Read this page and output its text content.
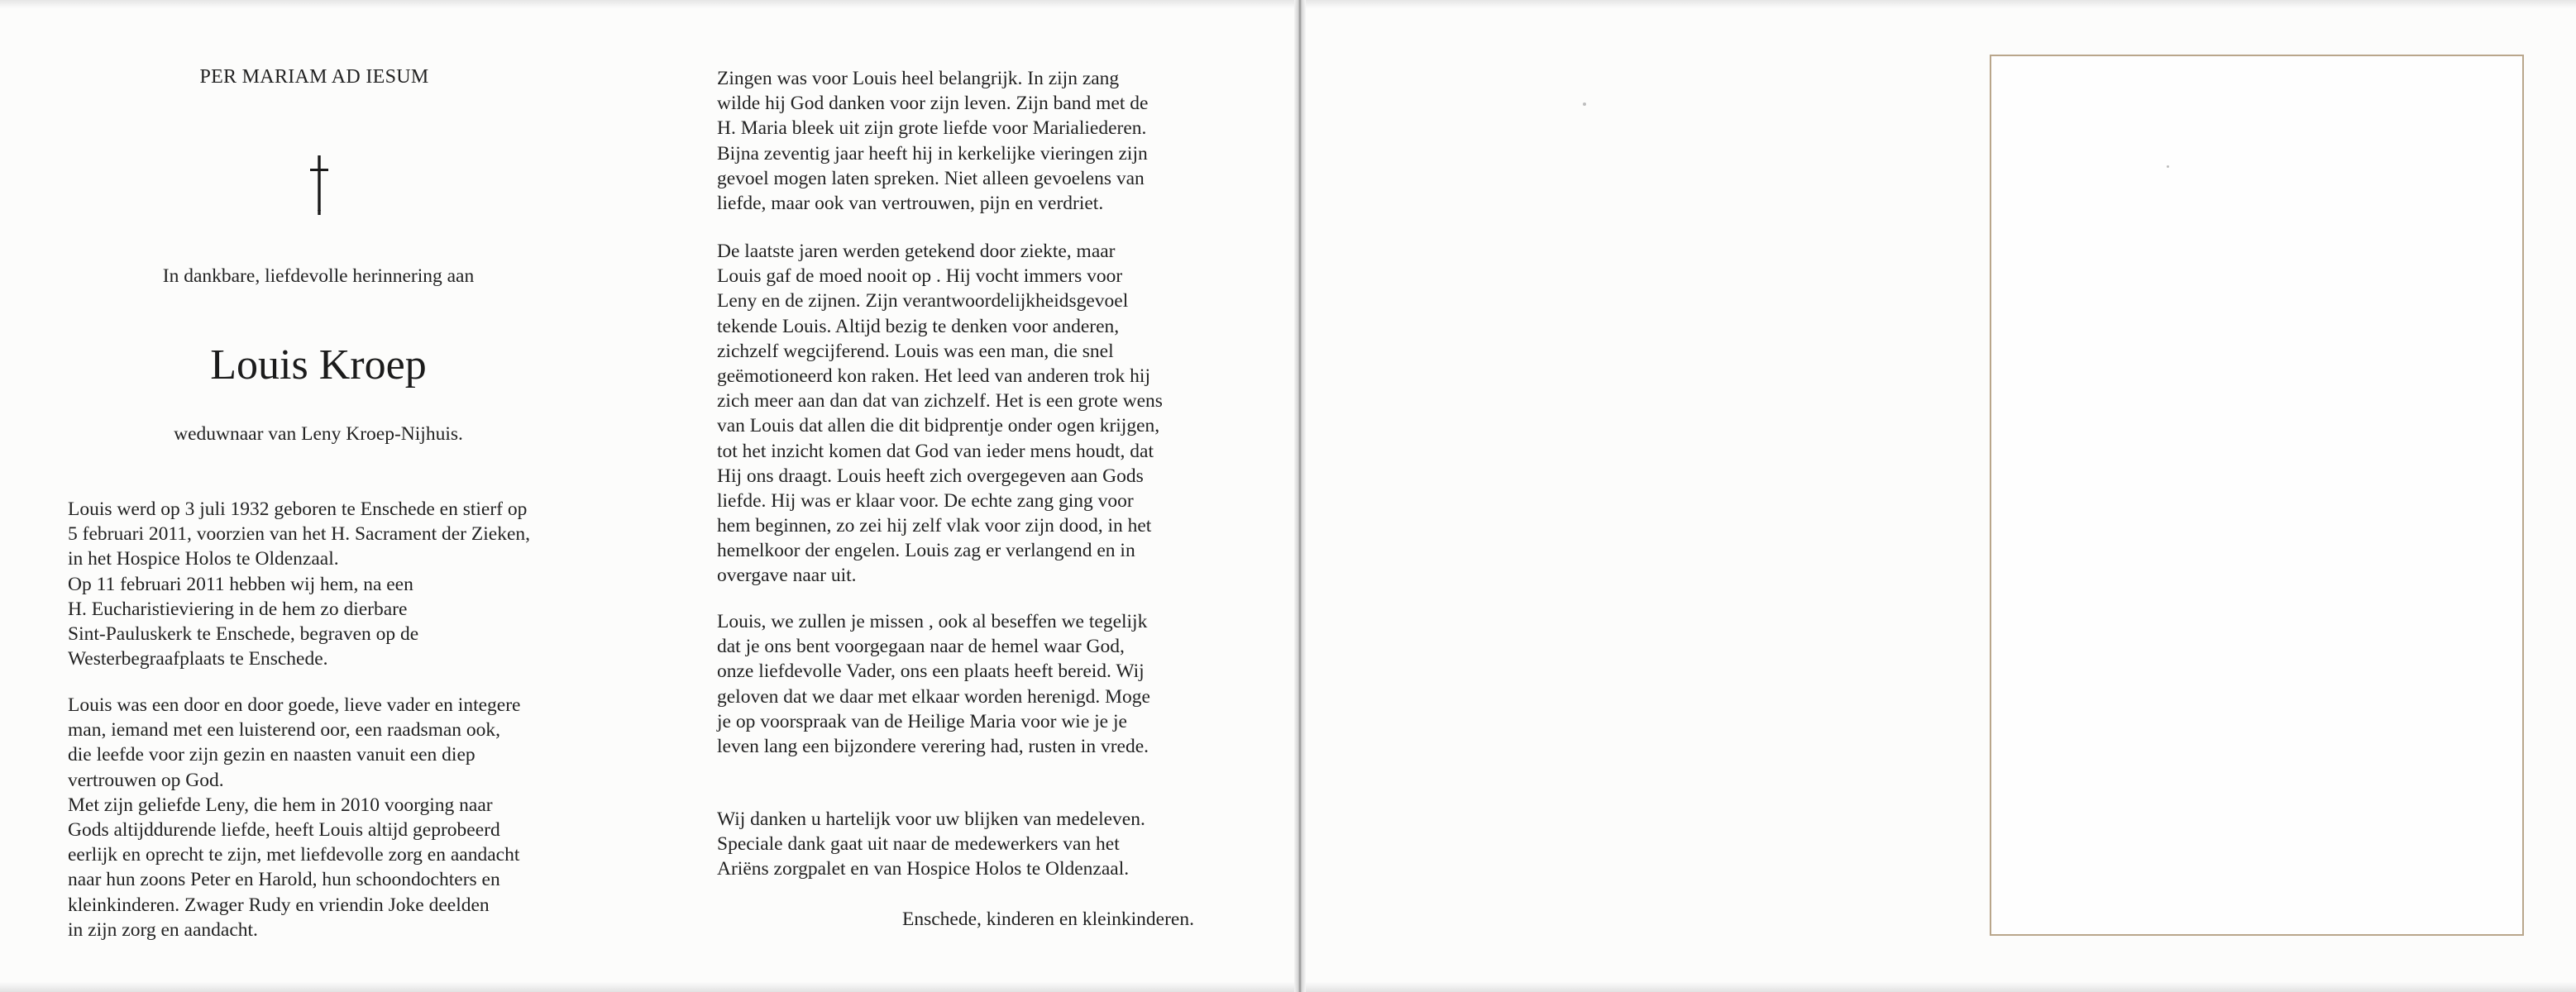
PER MARIAM AD IESUM
In dankbare, liefdevolle herinnering aan
Louis Kroep
weduwnaar van Leny Kroep-Nijhuis.
Louis werd op 3 juli 1932 geboren te Enschede en stierf op
5 februari 2011, voorzien van het H. Sacrament der Zieken,
in het Hospice Holos te Oldenzaal.
Op 11 februari 2011 hebben wij hem, na een
H. Eucharistieviering in de hem zo dierbare
Sint-Pauluskerk te Enschede, begraven op de
Westerbegraafplaats te Enschede.
Louis was een door en door goede, lieve vader en integere
man, iemand met een luisterend oor, een raadsman ook,
die leefde voor zijn gezin en naasten vanuit een diep
vertrouwen op God.
Met zijn geliefde Leny, die hem in 2010 voorging naar
Gods altijddurende liefde, heeft Louis altijd geprobeerd
eerlijk en oprecht te zijn, met liefdevolle zorg en aandacht
naar hun zoons Peter en Harold, hun schoondochters en
kleinkinderen. Zwager Rudy en vriendin Joke deelden
in zijn zorg en aandacht.
Zingen was voor Louis heel belangrijk. In zijn zang
wilde hij God danken voor zijn leven. Zijn band met de
H. Maria bleek uit zijn grote liefde voor Marialiederen.
Bijna zeventig jaar heeft hij in kerkelijke vieringen zijn
gevoel mogen laten spreken. Niet alleen gevoelens van
liefde, maar ook van vertrouwen, pijn en verdriet.
De laatste jaren werden getekend door ziekte, maar
Louis gaf de moed nooit op . Hij vocht immers voor
Leny en de zijnen. Zijn verantwoordelijkheidsgevoel
tekende Louis. Altijd bezig te denken voor anderen,
zichzelf wegcijferend. Louis was een man, die snel
geëmotioneerd kon raken. Het leed van anderen trok hij
zich meer aan dan dat van zichzelf. Het is een grote wens
van Louis dat allen die dit bidprentje onder ogen krijgen,
tot het inzicht komen dat God van ieder mens houdt, dat
Hij ons draagt. Louis heeft zich overgegeven aan Gods
liefde. Hij was er klaar voor. De echte zang ging voor
hem beginnen, zo zei hij zelf vlak voor zijn dood, in het
hemelkoor der engelen. Louis zag er verlangend en in
overgave naar uit.
Louis, we zullen je missen , ook al beseffen we tegelijk
dat je ons bent voorgegaan naar de hemel waar God,
onze liefdevolle Vader, ons een plaats heeft bereid. Wij
geloven dat we daar met elkaar worden herenigd. Moge
je op voorspraak van de Heilige Maria voor wie je je
leven lang een bijzondere verering had, rusten in vrede.
Wij danken u hartelijk voor uw blijken van medeleven.
Speciale dank gaat uit naar de medewerkers van het
Ariëns zorgpalet en van Hospice Holos te Oldenzaal.
Enschede, kinderen en kleinkinderen.
